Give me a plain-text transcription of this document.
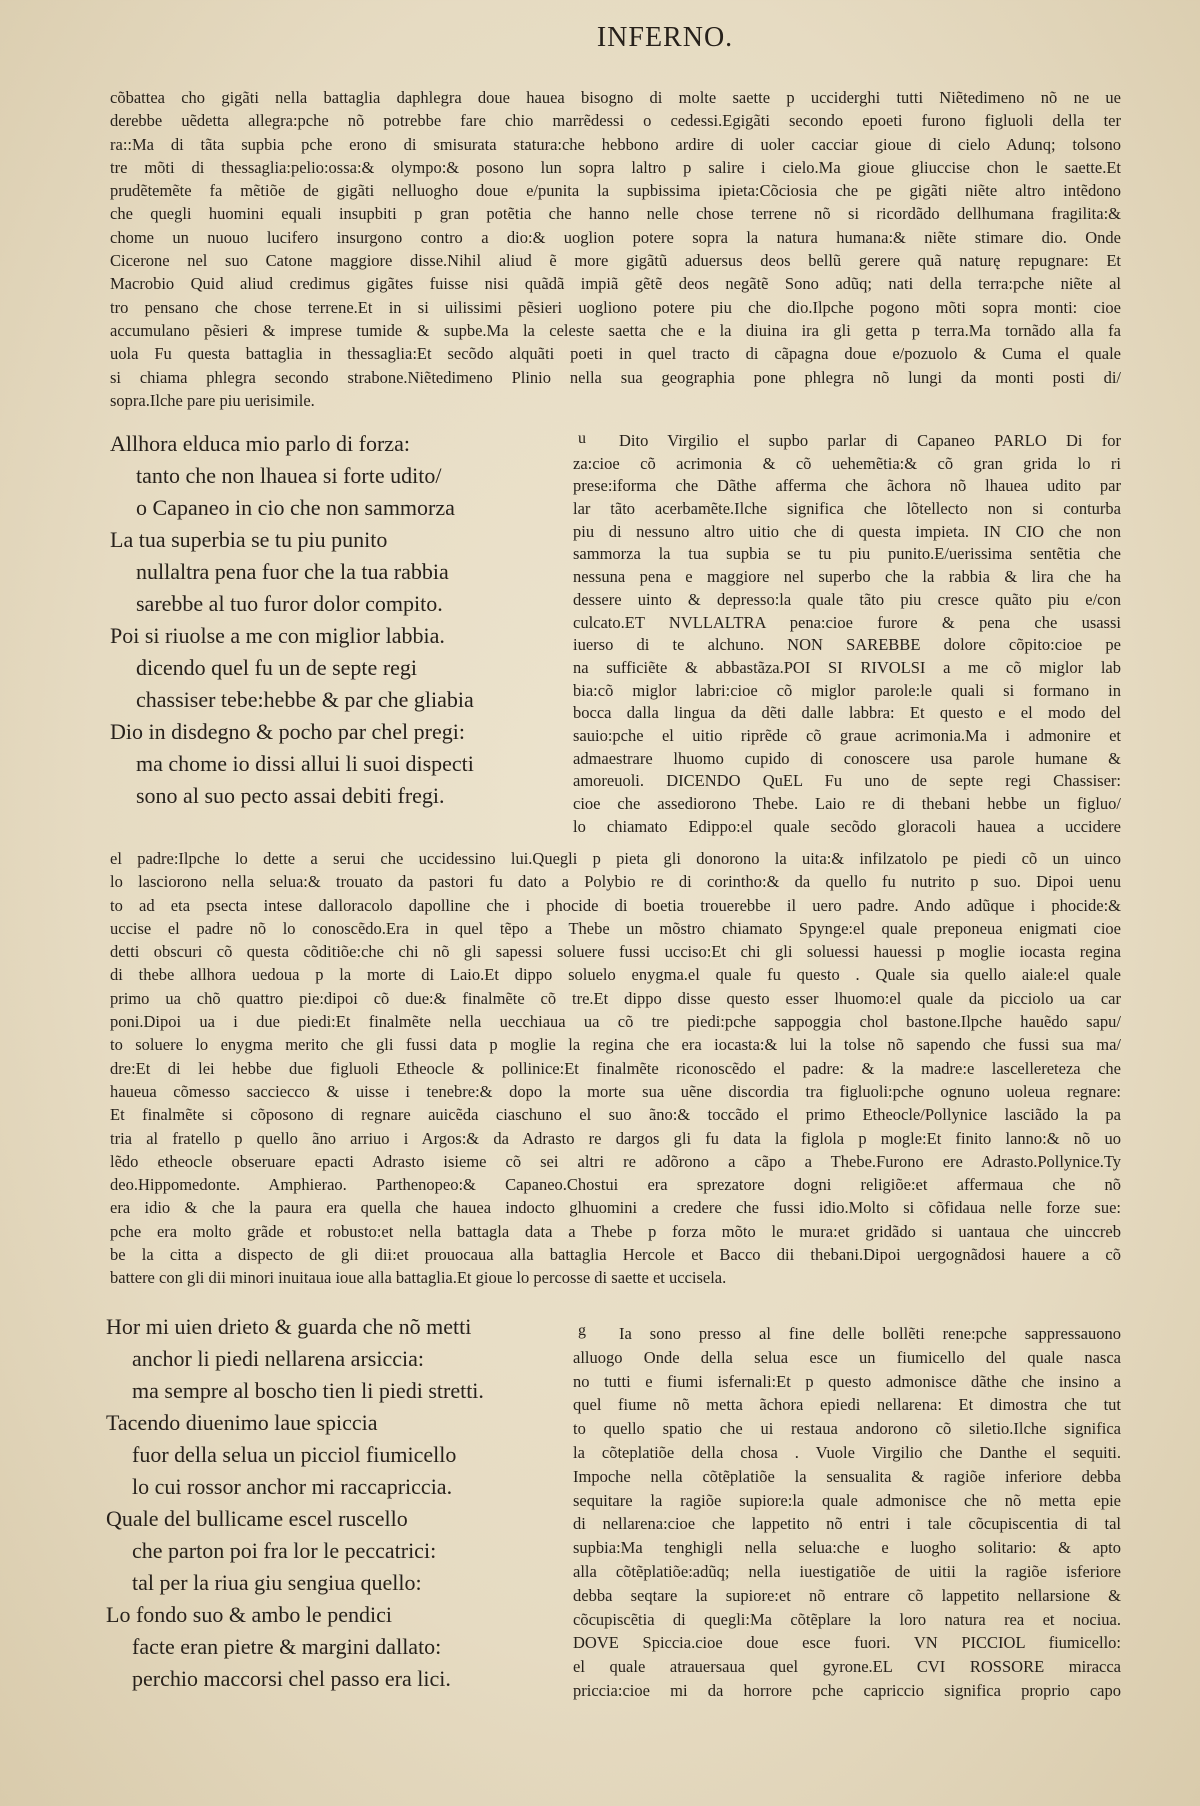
INFERNO.
cõbattea cho gigãti nella battaglia daphlegra doue hauea bisogno di molte saette p ucciderghi tutti Niẽtedimeno nõ ne ue
derebbe uẽdetta allegra:pche nõ potrebbe fare chio marrẽdessi o cedessi.Egigãti secondo epoeti furono figluoli della ter
ra::Ma di tãta supbia pche erono di smisurata statura:che hebbono ardire di uoler cacciar gioue di cielo Adunq; tolsono
tre mõti di thessaglia:pelio:ossa:& olympo:& posono lun sopra laltro p salire i cielo.Ma gioue gliuccise chon le saette.Et
prudẽtemẽte fa mẽtiõe de gigãti nelluogho doue e/punita la supbissima ipieta:Cõciosia che pe gigãti niẽte altro intẽdono
che quegli huomini equali insupbiti p gran potẽtia che hanno nelle chose terrene nõ si ricordãdo dellhumana fragilita:&
chome un nuouo lucifero insurgono contro a dio:& uoglion potere sopra la natura humana:& niẽte stimare dio. Onde
Cicerone nel suo Catone maggiore disse.Nihil aliud ẽ more gigãtũ aduersus deos bellũ gerere quã naturę repugnare: Et
Macrobio Quid aliud credimus gigãtes fuisse nisi quãdã impiã gẽtẽ deos negãtẽ Sono adũq; nati della terra:pche niẽte al
tro pensano che chose terrene.Et in si uilissimi pẽsieri uogliono potere piu che dio.Ilpche pogono mõti sopra monti: cioe
accumulano pẽsieri & imprese tumide & supbe.Ma la celeste saetta che e la diuina ira gli getta p terra.Ma tornãdo alla fa
uola Fu questa battaglia in thessaglia:Et secõdo alquãti poeti in quel tracto di cãpagna doue e/pozuolo & Cuma el quale
si chiama phlegra secondo strabone.Niẽtedimeno Plinio nella sua geographia pone phlegra nõ lungi da monti posti di/
sopra.Ilche pare piu uerisimile.
Allhora elduca mio parlo di forza:
tanto che non lhauea si forte udito/
o Capaneo in cio che non sammorza
La tua superbia se tu piu punito
nullaltra pena fuor che la tua rabbia
sarebbe al tuo furor dolor compito.
Poi si riuolse a me con miglior labbia.
dicendo quel fu un de septe regi
chassiser tebe:hebbe & par che gliabia
Dio in disdegno & pocho par chel pregi:
ma chome io dissi allui li suoi dispecti
sono al suo pecto assai debiti fregi.
u Dito Virgilio el supbo parlar di Capaneo PARLO Di for
za:cioe cõ acrimonia & cõ uehemẽtia:& cõ gran grida lo ri
prese:iforma che Dãthe afferma che ãchora nõ lhauea udito par
lar tãto acerbamẽte.Ilche significa che lõtellecto non si conturba
piu di nessuno altro uitio che di questa impieta. IN CIO che non
sammorza la tua supbia se tu piu punito.E/uerissima sentẽtia che
nessuna pena e maggiore nel superbo che la rabbia & lira che ha
dessere uinto & depresso:la quale tãto piu cresce quãto piu e/con
culcato.ET NVLLALTRA pena:cioe furore & pena che usassi
iuerso di te alchuno. NON SAREBBE dolore cõpito:cioe pe
na sufficiẽte & abbastãza.POI SI RIVOLSI a me cõ miglor lab
bia:cõ miglor labri:cioe cõ miglor parole:le quali si formano in
bocca dalla lingua da dẽti dalle labbra: Et questo e el modo del
sauio:pche el uitio riprẽde cõ graue acrimonia.Ma i admonire et
admaestrare lhuomo cupido di conoscere usa parole humane &
amoreuoli. DICENDO QuEL Fu uno de septe regi Chassiser:
cioe che assediorono Thebe. Laio re di thebani hebbe un figluo/
lo chiamato Edippo:el quale secõdo gloracoli hauea a uccidere
el padre:Ilpche lo dette a serui che uccidessino lui.Quegli p pieta gli donorono la uita:& infilzatolo pe piedi cõ un uinco
lo lasciorono nella selua:& trouato da pastori fu dato a Polybio re di corintho:& da quello fu nutrito p suo. Dipoi uenu
to ad eta psecta intese dalloracolo dapolline che i phocide di boetia trouerebbe il uero padre. Ando adũque i phocide:&
uccise el padre nõ lo conoscẽdo.Era in quel tẽpo a Thebe un mõstro chiamato Spynge:el quale preponeua enigmati cioe
detti obscuri cõ questa cõditiõe:che chi nõ gli sapessi soluere fussi ucciso:Et chi gli soluessi hauessi p moglie iocasta regina
di thebe allhora uedoua p la morte di Laio.Et dippo soluelo enygma.el quale fu questo . Quale sia quello aiale:el quale
primo ua chõ quattro pie:dipoi cõ due:& finalmẽte cõ tre.Et dippo disse questo esser lhuomo:el quale da picciolo ua car
poni.Dipoi ua i due piedi:Et finalmẽte nella uecchiaua ua cõ tre piedi:pche sappoggia chol bastone.Ilpche hauẽdo sapu/
to soluere lo enygma merito che gli fussi data p moglie la regina che era iocasta:& lui la tolse nõ sapendo che fussi sua ma/
dre:Et di lei hebbe due figluoli Etheocle & pollinice:Et finalmẽte riconoscẽdo el padre: & la madre:e lascellereteza che
haueua cõmesso sacciecco & uisse i tenebre:& dopo la morte sua uẽne discordia tra figluoli:pche ognuno uoleua regnare:
Et finalmẽte si cõposono di regnare auicẽda ciaschuno el suo ãno:& toccãdo el primo Etheocle/Pollynice lasciãdo la pa
tria al fratello p quello ãno arriuo i Argos:& da Adrasto re dargos gli fu data la figlola p mogle:Et finito lanno:& nõ uo
lẽdo etheocle obseruare epacti Adrasto isieme cõ sei altri re adõrono a cãpo a Thebe.Furono ere Adrasto.Pollynice.Ty
deo.Hippomedonte. Amphierao. Parthenopeo:& Capaneo.Chostui era sprezatore dogni religiõe:et affermaua che nõ
era idio & che la paura era quella che hauea indocto glhuomini a credere che fussi idio.Molto si cõfidaua nelle forze sue:
pche era molto grãde et robusto:et nella battagla data a Thebe p forza mõto le mura:et gridãdo si uantaua che uinccreb
be la citta a dispecto de gli dii:et prouocaua alla battaglia Hercole et Bacco dii thebani.Dipoi uergognãdosi hauere a cõ
battere con gli dii minori inuitaua ioue alla battaglia.Et gioue lo percosse di saette et uccisela.
Hor mi uien drieto & guarda che nõ metti
anchor li piedi nellarena arsiccia:
ma sempre al boscho tien li piedi stretti.
Tacendo diuenimo laue spiccia
fuor della selua un picciol fiumicello
lo cui rossor anchor mi raccapriccia.
Quale del bullicame escel ruscello
che parton poi fra lor le peccatrici:
tal per la riua giu sengiua quello:
Lo fondo suo & ambo le pendici
facte eran pietre & margini dallato:
perchio maccorsi chel passo era lici.
g Ia sono presso al fine delle bollẽti rene:pche sappressauono
alluogo Onde della selua esce un fiumicello del quale nasca
no tutti e fiumi isfernali:Et p questo admonisce dãthe che insino a
quel fiume nõ metta ãchora epiedi nellarena: Et dimostra che tut
to quello spatio che ui restaua andorono cõ siletio.Ilche significa
la cõteplatiõe della chosa . Vuole Virgilio che Danthe el sequiti.
Impoche nella cõtẽplatiõe la sensualita & ragiõe inferiore debba
sequitare la ragiõe supiore:la quale admonisce che nõ metta epie
di nellarena:cioe che lappetito nõ entri i tale cõcupiscentia di tal
supbia:Ma tenghigli nella selua:che e luogho solitario: & apto
alla cõtẽplatiõe:adũq; nella iuestigatiõe de uitii la ragiõe isferiore
debba seqtare la supiore:et nõ entrare cõ lappetito nellarsione &
cõcupiscẽtia di quegli:Ma cõtẽplare la loro natura rea et nociua.
DOVE Spiccia.cioe doue esce fuori. VN PICCIOL fiumicello:
el quale atrauersaua quel gyrone.EL CVI ROSSORE miracca
priccia:cioe mi da horrore pche capriccio significa proprio capo
